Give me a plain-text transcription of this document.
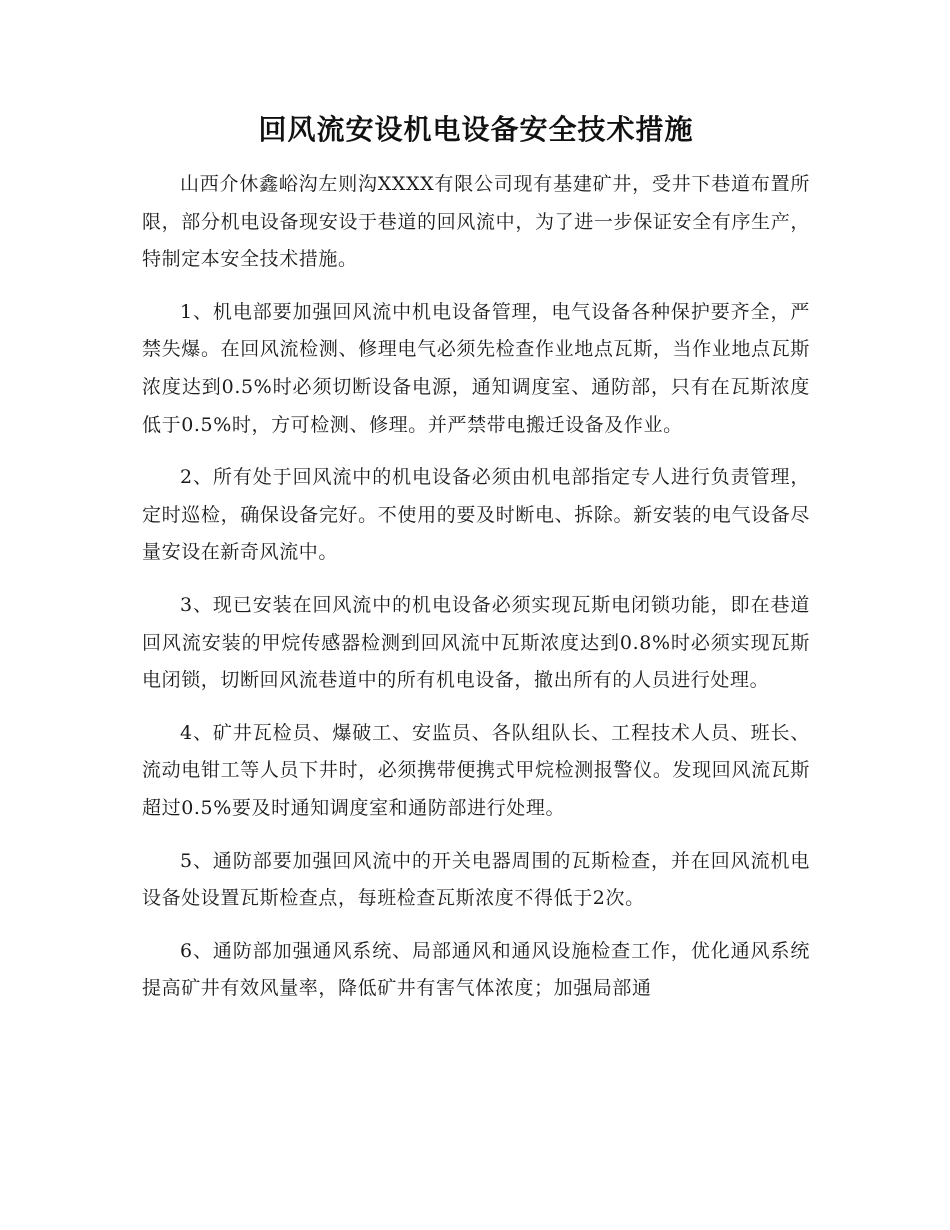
回风流安设机电设备安全技术措施

山西介休鑫峪沟左则沟XXXX有限公司现有基建矿井，受井下巷道布置所限，部分机电设备现安设于巷道的回风流中，为了进一步保证安全有序生产，特制定本安全技术措施。

1、机电部要加强回风流中机电设备管理，电气设备各种保护要齐全，严禁失爆。在回风流检测、修理电气必须先检查作业地点瓦斯，当作业地点瓦斯浓度达到0.5%时必须切断设备电源，通知调度室、通防部，只有在瓦斯浓度低于0.5%时，方可检测、修理。并严禁带电搬迁设备及作业。

2、所有处于回风流中的机电设备必须由机电部指定专人进行负责管理，定时巡检，确保设备完好。不使用的要及时断电、拆除。新安装的电气设备尽量安设在新奇风流中。

3、现已安装在回风流中的机电设备必须实现瓦斯电闭锁功能，即在巷道回风流安装的甲烷传感器检测到回风流中瓦斯浓度达到0.8%时必须实现瓦斯电闭锁，切断回风流巷道中的所有机电设备，撤出所有的人员进行处理。

4、矿井瓦检员、爆破工、安监员、各队组队长、工程技术人员、班长、流动电钳工等人员下井时，必须携带便携式甲烷检测报警仪。发现回风流瓦斯超过0.5%要及时通知调度室和通防部进行处理。

5、通防部要加强回风流中的开关电器周围的瓦斯检查，并在回风流机电设备处设置瓦斯检查点，每班检查瓦斯浓度不得低于2次。

6、通防部加强通风系统、局部通风和通风设施检查工作，优化通风系统提高矿井有效风量率，降低矿井有害气体浓度；加强局部通
